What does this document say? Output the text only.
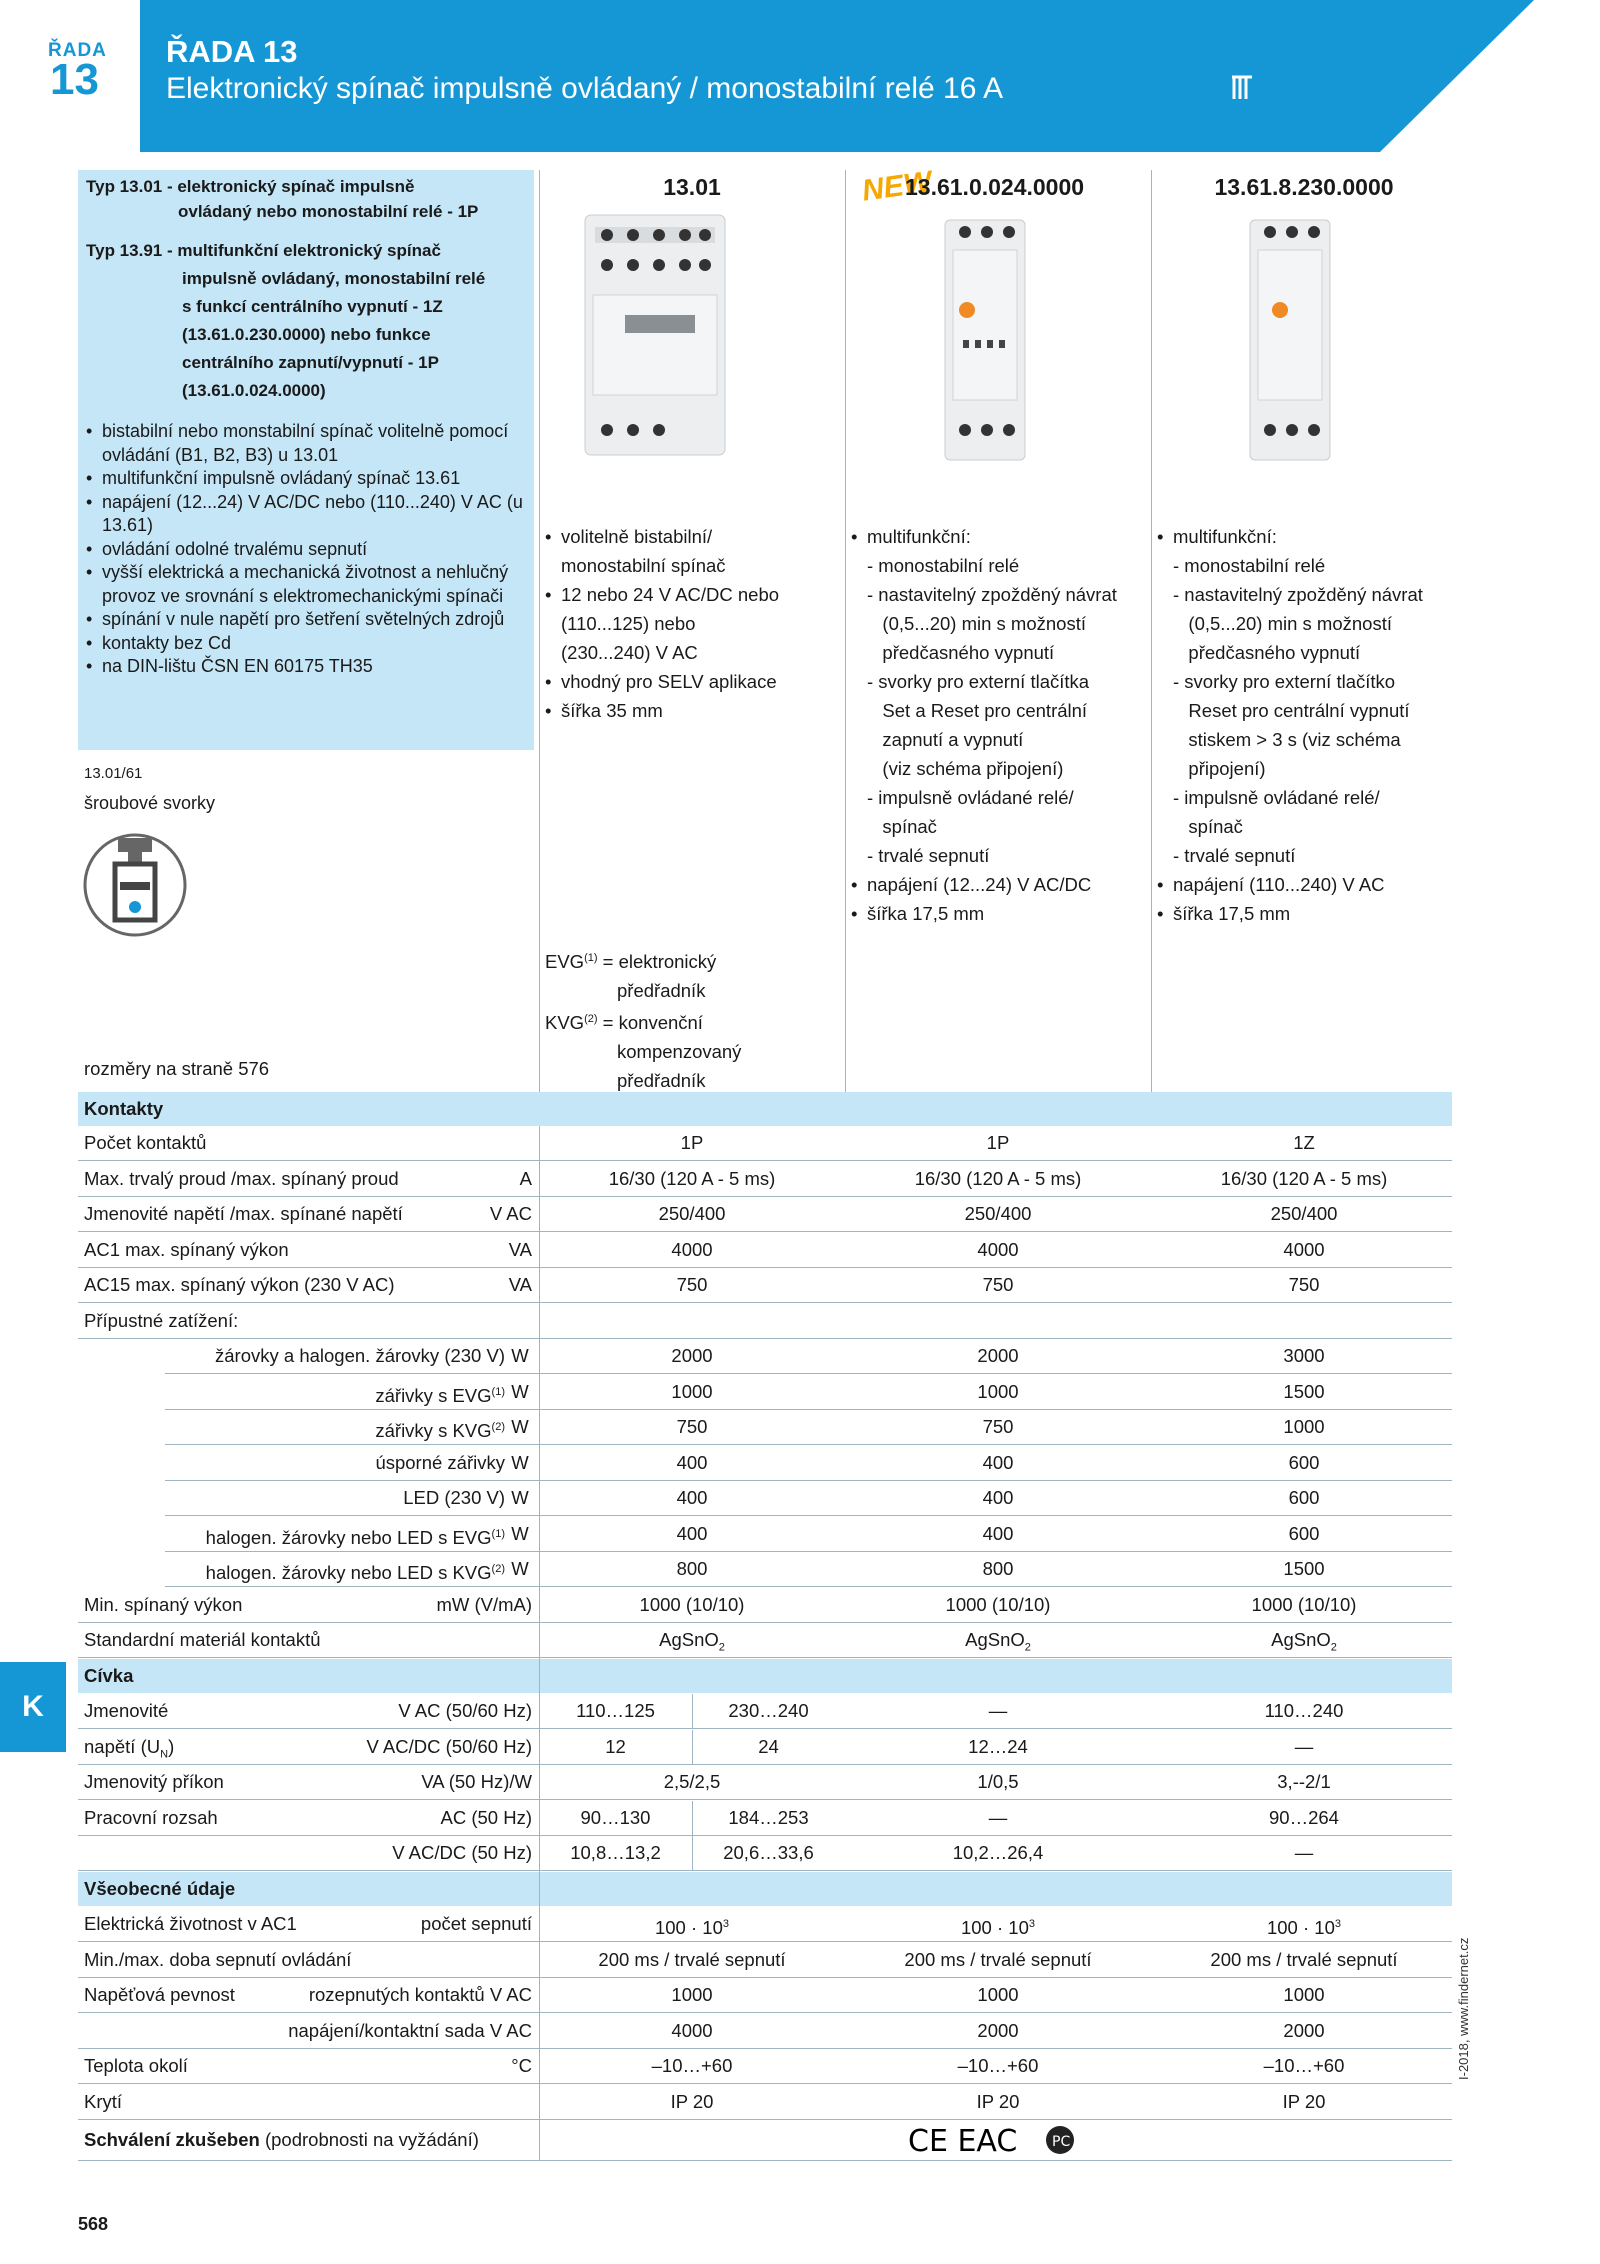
ŘADA
13
ŘADA 13
Elektronický spínač impulsně ovládaný / monostabilní relé 16 A	finder
Typ 13.01 - elektronický spínač impulsně
ovládaný nebo monostabilní relé - 1P
Typ 13.91 - multifunkční elektronický spínač
impulsně ovládaný, monostabilní relé
s funkcí centrálního vypnutí - 1Z
(13.61.0.230.0000) nebo funkce
centrálního zapnutí/vypnutí - 1P
(13.61.0.024.0000)
• bistabilní nebo monstabilní spínač volitelně pomocí ovládání (B1, B2, B3) u 13.01
• multifunkční impulsně ovládaný spínač 13.61
• napájení (12...24) V AC/DC nebo (110...240) V AC (u 13.61)
• ovládání odolné trvalému sepnutí
• vyšší elektrická a mechanická životnost a nehlučný provoz ve srovnání s elektromechanickými spínači
• spínání v nule napětí pro šetření světelných zdrojů
• kontakty bez Cd
• na DIN-lištu ČSN EN 60175 TH35
13.01/61
šroubové svorky
rozměry na straně 576
13.01
• volitelně bistabilní/
monostabilní spínač
• 12 nebo 24 V AC/DC nebo
(110...125) nebo
(230...240) V AC
• vhodný pro SELV aplikace
• šířka 35 mm
$EVG^{(1)}$ = elektronický
předřadník
$KVG^{(2)}$ = konvenční
kompenzovaný
předřadník
NEW
13.61.0.024.0000
• multifunkční:
- monostabilní relé
- nastavitelný zpožděný návrat
(0,5...20) min s možností
předčasného vypnutí
- svorky pro externí tlačítka
Set a Reset pro centrální
zapnutí a vypnutí
(viz schéma připojení)
- impulsně ovládané relé/
spínač
- trvalé sepnutí
• napájení (12...24) V AC/DC
• šířka 17,5 mm
13.61.8.230.0000
• multifunkční:
- monostabilní relé
- nastavitelný zpožděný návrat
(0,5...20) min s možností
předčasného vypnutí
- svorky pro externí tlačítko
Reset pro centrální vypnutí
stiskem > 3 s (viz schéma
připojení)
- impulsně ovládané relé/
spínač
- trvalé sepnutí
• napájení (110...240) V AC
• šířka 17,5 mm
Kontakty
Počet kontaktů	1P	1P	1Z
Max. trvalý proud /max. spínaný proud	A	16/30 (120 A - 5 ms)	16/30 (120 A - 5 ms)	16/30 (120 A - 5 ms)
Jmenovité napětí /max. spínané napětí	V AC	250/400	250/400	250/400
AC1 max. spínaný výkon	VA	4000	4000	4000
AC15 max. spínaný výkon (230 V AC)	VA	750	750	750
Přípustné zatížení:
žárovky a halogen. žárovky (230 V) W	2000	2000	3000
zářivky s EVG$^{(1)}$ W	1000	1000	1500
zářivky s KVG$^{(2)}$ W	750	750	1000
úsporné zářivky W	400	400	600
LED (230 V) W	400	400	600
halogen. žárovky nebo LED s EVG$^{(1)}$ W	400	400	600
halogen. žárovky nebo LED s KVG$^{(2)}$ W	800	800	1500
Min. spínaný výkon	mW (V/mA)	1000 (10/10)	1000 (10/10)	1000 (10/10)
Standardní materiál kontaktů	AgSnO$_2$	AgSnO$_2$	AgSnO$_2$
Cívka
Jmenovité	V AC (50/60 Hz)	110…125	230…240	—	110…240
napětí $(U_N)$	V AC/DC (50/60 Hz)	12	24	12…24	—
Jmenovitý příkon	VA (50 Hz)/W	2,5/2,5	1/0,5	3,--2/1
Pracovní rozsah	AC (50 Hz)	90…130	184…253	—	90…264
V AC/DC (50 Hz)	10,8…13,2	20,6…33,6	10,2…26,4	—
Všeobecné údaje
Elektrická životnost v AC1	počet sepnutí	$100 \cdot 10^3$	$100 \cdot 10^3$	$100 \cdot 10^3$
Min./max. doba sepnutí ovládání	200 ms / trvalé sepnutí	200 ms / trvalé sepnutí	200 ms / trvalé sepnutí
Napěťová pevnost	rozepnutých kontaktů V AC	1000	1000	1000
napájení/kontaktní sada V AC	4000	2000	2000
Teplota okolí	°C	–10…+60	–10…+60	–10…+60
Krytí	IP 20	IP 20	IP 20
Schválení zkušeben (podrobnosti na vyžádání)	CE EAC PC
K
568
I-2018, www.findernet.cz
